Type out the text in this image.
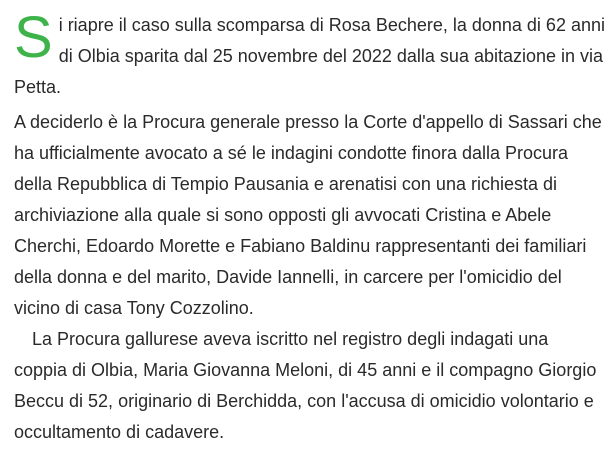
S i riapre il caso sulla scomparsa di Rosa Bechere, la donna di 62 anni di Olbia sparita dal 25 novembre del 2022 dalla sua abitazione in via Petta.

A deciderlo è la Procura generale presso la Corte d'appello di Sassari che ha ufficialmente avocato a sé le indagini condotte finora dalla Procura della Repubblica di Tempio Pausania e arenatisi con una richiesta di archiviazione alla quale si sono opposti gli avvocati Cristina e Abele Cherchi, Edoardo Morette e Fabiano Baldinu rappresentanti dei familiari della donna e del marito, Davide Iannelli, in carcere per l'omicidio del vicino di casa Tony Cozzolino.

La Procura gallurese aveva iscritto nel registro degli indagati una coppia di Olbia, Maria Giovanna Meloni, di 45 anni e il compagno Giorgio Beccu di 52, originario di Berchidda, con l'accusa di omicidio volontario e occultamento di cadavere.
